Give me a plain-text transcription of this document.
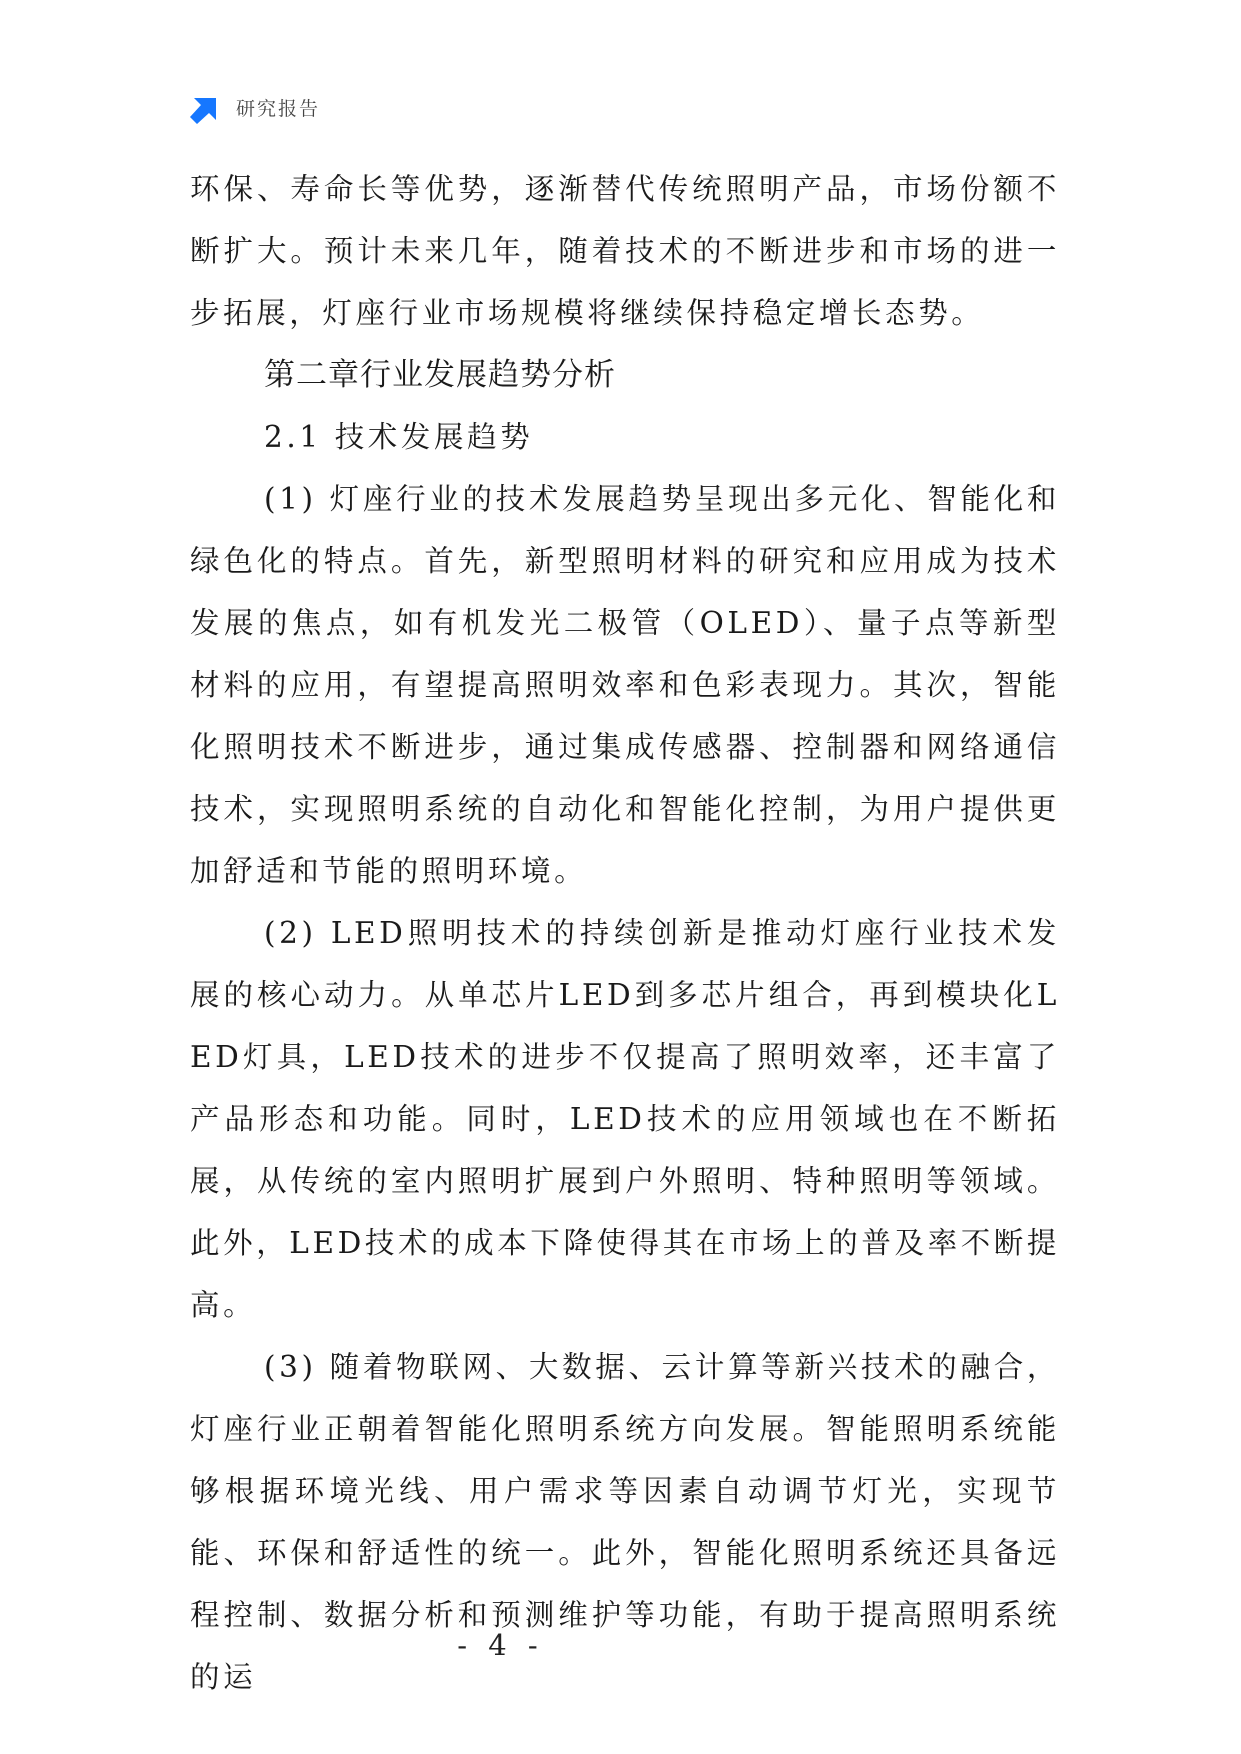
研究报告

环保、寿命长等优势，逐渐替代传统照明产品，市场份额不断扩大。预计未来几年，随着技术的不断进步和市场的进一步拓展，灯座行业市场规模将继续保持稳定增长态势。

第二章行业发展趋势分析
2.1 技术发展趋势

(1) 灯座行业的技术发展趋势呈现出多元化、智能化和绿色化的特点。首先，新型照明材料的研究和应用成为技术发展的焦点，如有机发光二极管（OLED）、量子点等新型材料的应用，有望提高照明效率和色彩表现力。其次，智能化照明技术不断进步，通过集成传感器、控制器和网络通信技术，实现照明系统的自动化和智能化控制，为用户提供更加舒适和节能的照明环境。

(2) LED照明技术的持续创新是推动灯座行业技术发展的核心动力。从单芯片LED到多芯片组合，再到模块化LED灯具，LED技术的进步不仅提高了照明效率，还丰富了产品形态和功能。同时，LED技术的应用领域也在不断拓展，从传统的室内照明扩展到户外照明、特种照明等领域。此外，LED技术的成本下降使得其在市场上的普及率不断提高。

(3) 随着物联网、大数据、云计算等新兴技术的融合，灯座行业正朝着智能化照明系统方向发展。智能照明系统能够根据环境光线、用户需求等因素自动调节灯光，实现节能、环保和舒适性的统一。此外，智能化照明系统还具备远程控制、数据分析和预测维护等功能，有助于提高照明系统的运

- 4 -
